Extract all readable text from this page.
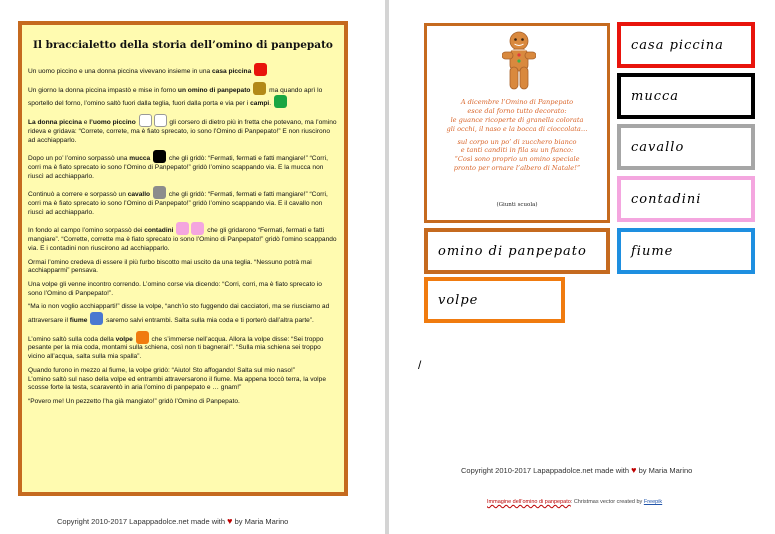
Il braccialetto della storia dell’omino di panpepato
Un uomo piccino e una donna piccina vivevano insieme in una casa piccina
Un giorno la donna piccina impastò e mise in forno un omino di panpepato	ma quando aprì lo sportello del forno, l’omino saltò fuori dalla teglia, fuori dalla porta e via per i campi.
La donna piccina e l’uomo piccino	gli corsero di dietro più in fretta che potevano, ma l’omino rideva e gridava: “Correte, correte, ma è fiato sprecato, io sono l’Omino di Panpepato!” E non riuscirono ad acchiapparlo.
Dopo un po’ l’omino sorpassò una mucca	che gli gridò: “Fermati, fermati e fatti mangiare!” “Corri, corri ma è fiato sprecato io sono l’Omino di Panpepato!” gridò l’omino scappando via. E la mucca non riuscì ad acchiapparlo.
Continuò a correre e sorpassò un cavallo	che gli gridò: “Fermati, fermati e fatti mangiare!” “Corri, corri ma è fiato sprecato io sono l’Omino di Panpepato!” gridò l’omino scappando via. E il cavallo non riuscì ad acchiapparlo.
In fondo al campo l’omino sorpassò dei contadini	che gli gridarono “Fermati, fermati e fatti mangiare”. “Corrette, corrette ma è fiato sprecato io sono l’Omino di Panpepato!” gridò l’omino scappando via. E i contadini non riuscirono ad acchiapparlo.
Ormai l’omino credeva di essere il più furbo biscotto mai uscito da una teglia. “Nessuno potrà mai acchiapparmi” pensava.
Una volpe gli venne incontro correndo. L’omino corse via dicendo: “Corri, corri, ma è fiato sprecato io sono l’Omino di Panpepato!”.
“Ma io non voglio acchiapparti!” disse la volpe, “anch’io sto fuggendo dai cacciatori, ma se riusciamo ad attraversare il fiume	saremo salvi entrambi. Salta sulla mia coda e ti porterò dall’altra parte”.
L’omino saltò sulla coda della volpe	che s’immerse nell’acqua. Allora la volpe disse: “Sei troppo pesante per la mia coda, montami sulla schiena, così non ti bagnerai!”. “Sulla mia schiena sei troppo vicino all’acqua, salta sulla mia spalla”.
Quando furono in mezzo al fiume, la volpe gridò: “Aiuto! Sto affogando! Salta sul mio naso!”
L’omino saltò sul naso della volpe ed entrambi attraversarono il fiume. Ma appena toccò terra, la volpe scosse forte la testa, scaraventò in aria l’omino di panpepato e … gnam!”
“Povero me! Un pezzetto l’ha già mangiato!” gridò l’Omino di Panpepato.
Copyright 2010-2017 Lapappadolce.net made with ♥ by Maria Marino
A dicembre l’Omino di Panpepato
esce dal forno tutto decorato:
le guance ricoperte di granella colorata
gli occhi, il naso e la bocca di cioccolata…
sul corpo un po’ di zucchero bianco
e tanti canditi in fila su un fianco:
“Così sono proprio un omino speciale
pronto per ornare l’albero di Natale!”
(Giunti scuola)
casa piccina
mucca
cavallo
contadini
omino di panpepato	fiume
volpe
/
Copyright 2010-2017 Lapappadolce.net made with ♥ by Maria Marino
Immagine dell’omino di panpepato: Christmas vector created by Freepik
